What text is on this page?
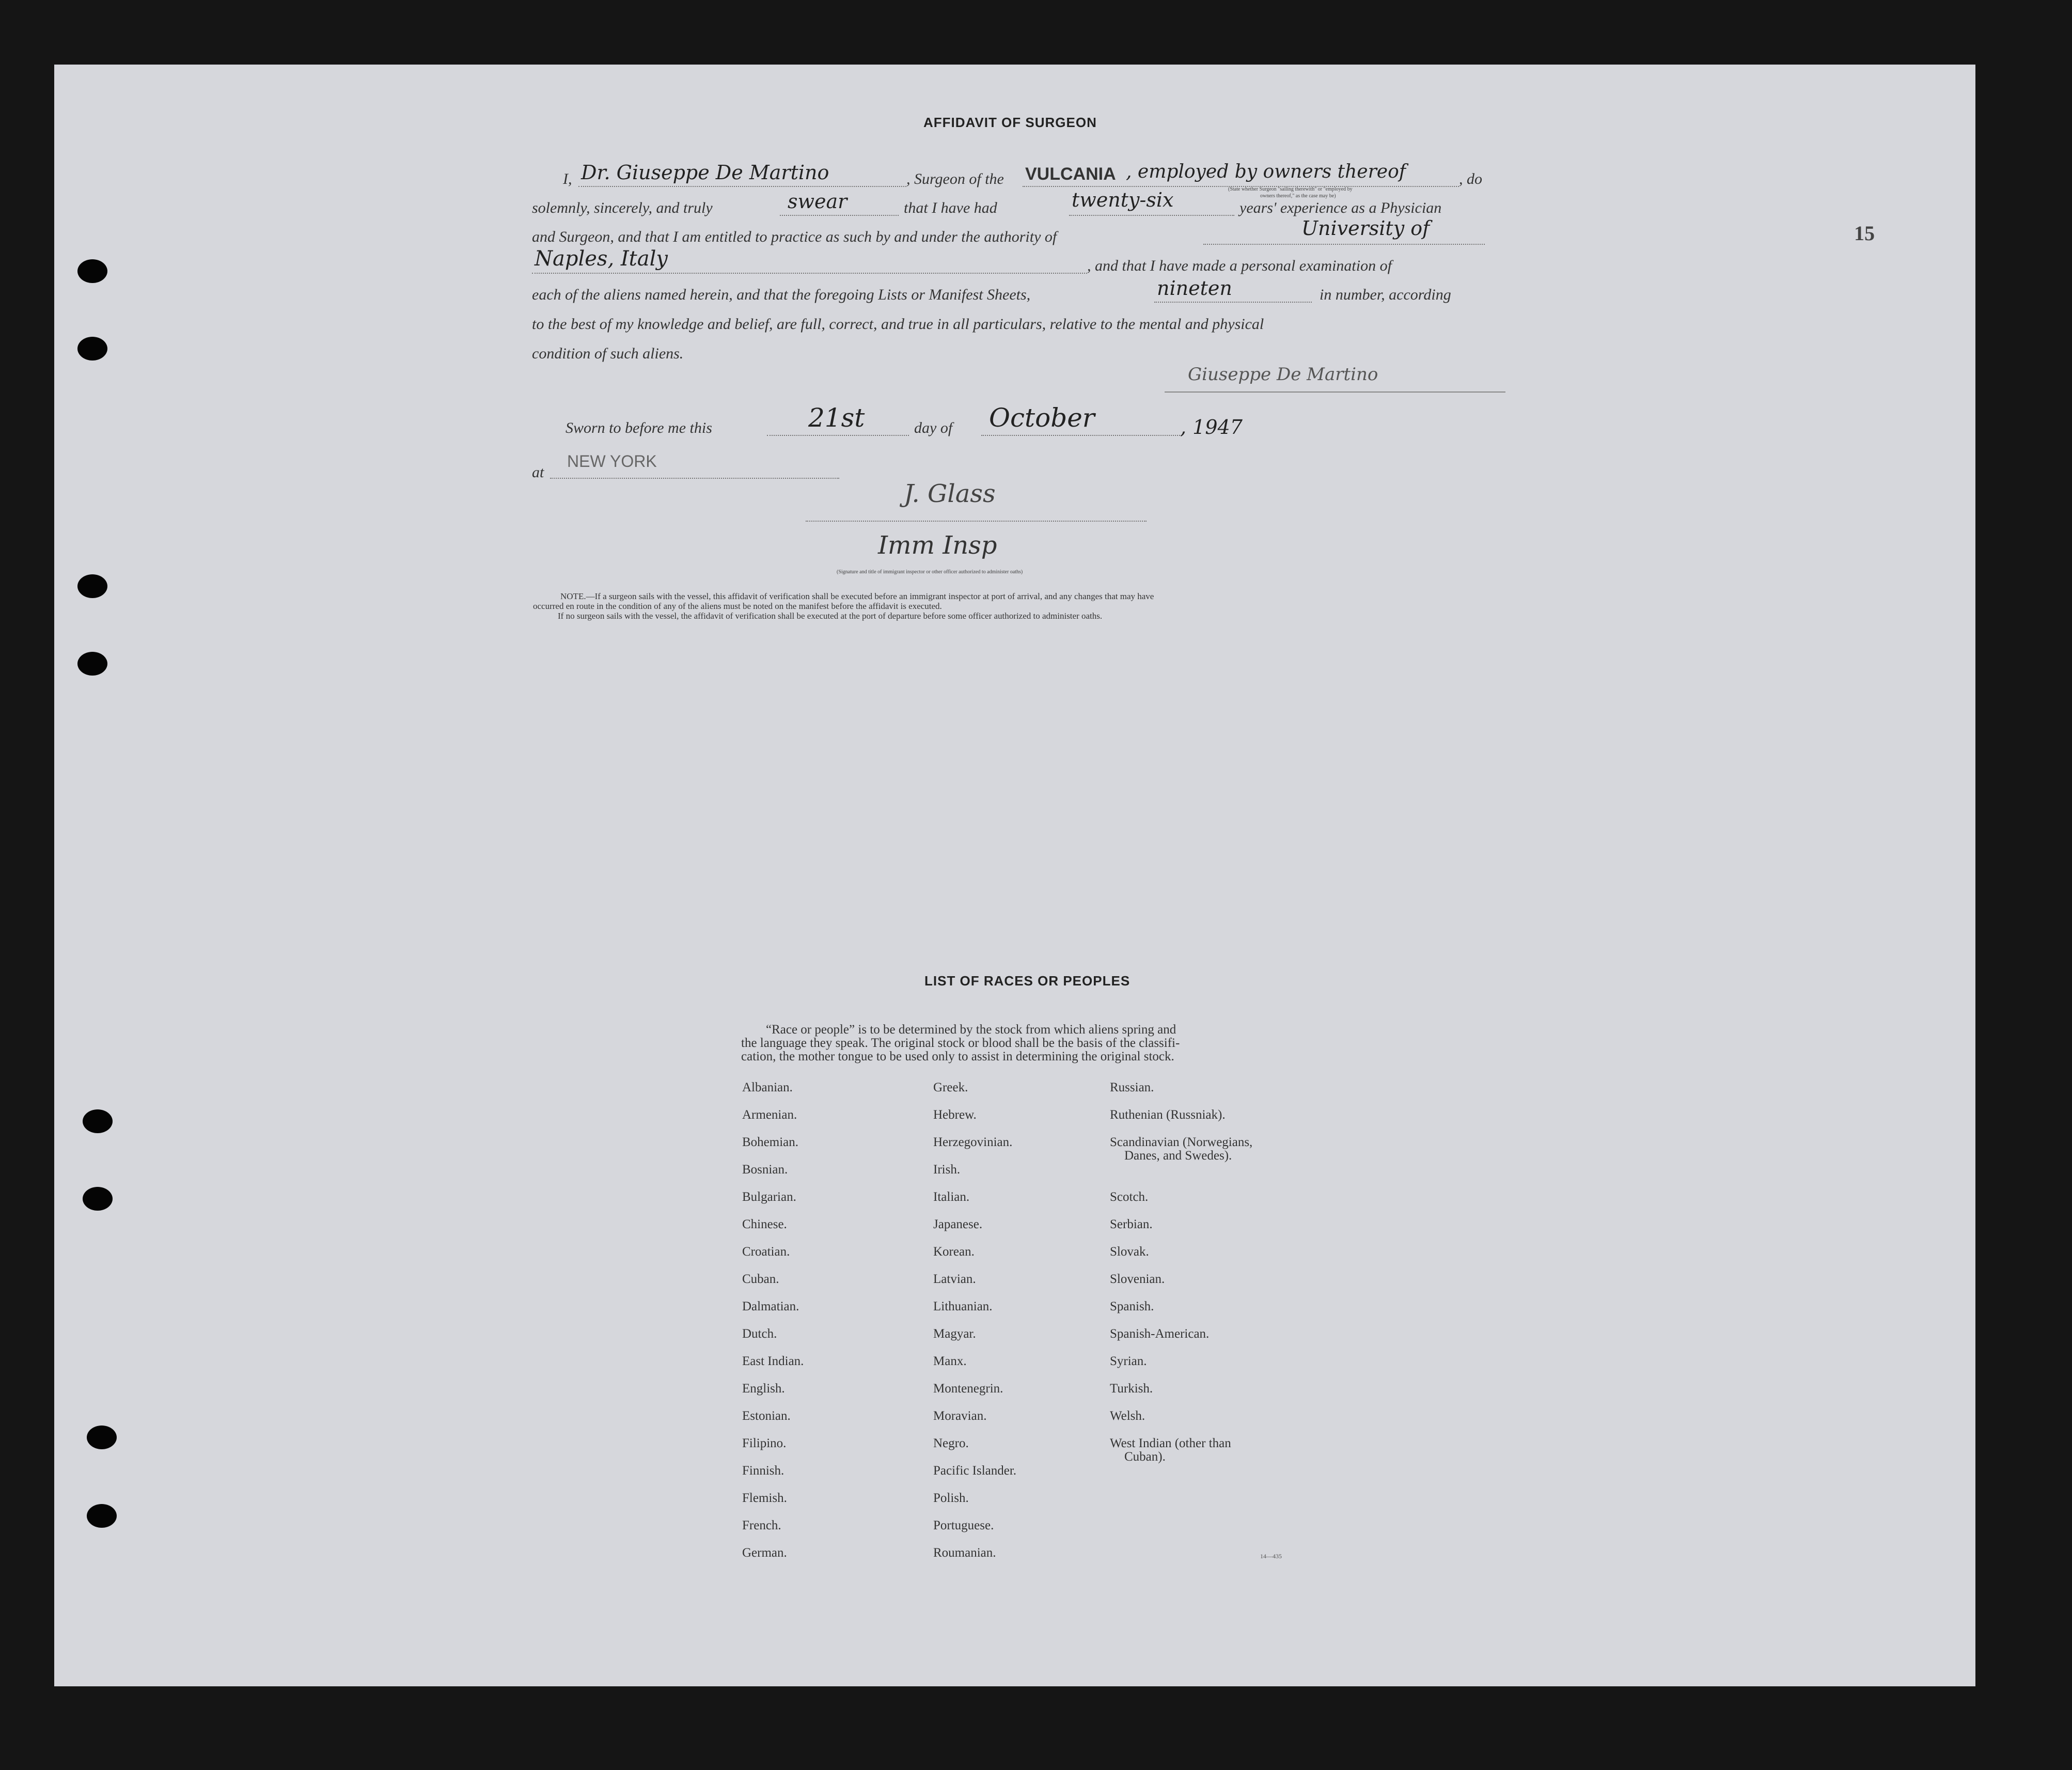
15
AFFIDAVIT OF SURGEON
I, Dr. Giuseppe De Martino	, Surgeon of the VULCANIA , employed by owners thereof	, do
(State whether Surgeon "sailing therewith" or "employed by
owners thereof," as the case may be)
solemnly, sincerely, and truly	swear	that I have had	twenty-six	years' experience as a Physician
and Surgeon, and that I am entitled to practice as such by and under the authority of	University of
Naples, Italy	, and that I have made a personal examination of
each of the aliens named herein, and that the foregoing Lists or Manifest Sheets,	nineten	in number, according
to the best of my knowledge and belief, are full, correct, and true in all particulars, relative to the mental and physical
condition of such aliens.
Giuseppe De Martino
Sworn to before me this	21st	day of October	, 1947
at
NEW YORK
J. Glass
Imm Insp
(Signature and title of immigrant inspector or other officer authorized to administer oaths)
NOTE.—If a surgeon sails with the vessel, this affidavit of verification shall be executed before an immigrant inspector at port of arrival, and any changes that may have
occurred en route in the condition of any of the aliens must be noted on the manifest before the affidavit is executed.
If no surgeon sails with the vessel, the affidavit of verification shall be executed at the port of departure before some officer authorized to administer oaths.
LIST OF RACES OR PEOPLES
“Race or people” is to be determined by the stock from which aliens spring and
the language they speak. The original stock or blood shall be the basis of the classifi-
cation, the mother tongue to be used only to assist in determining the original stock.
Albanian.
Armenian.
Bohemian.
Bosnian.
Bulgarian.
Chinese.
Croatian.
Cuban.
Dalmatian.
Dutch.
East Indian.
English.
Estonian.
Filipino.
Finnish.
Flemish.
French.
German.
Greek.
Hebrew.
Herzegovinian.
Irish.
Italian.
Japanese.
Korean.
Latvian.
Lithuanian.
Magyar.
Manx.
Montenegrin.
Moravian.
Negro.
Pacific Islander.
Polish.
Portuguese.
Roumanian.
Russian.
Ruthenian (Russniak).
Scandinavian (Norwegians,
Danes, and Swedes).
Scotch.
Serbian.
Slovak.
Slovenian.
Spanish.
Spanish-American.
Syrian.
Turkish.
Welsh.
West Indian (other than
Cuban).
14—435
